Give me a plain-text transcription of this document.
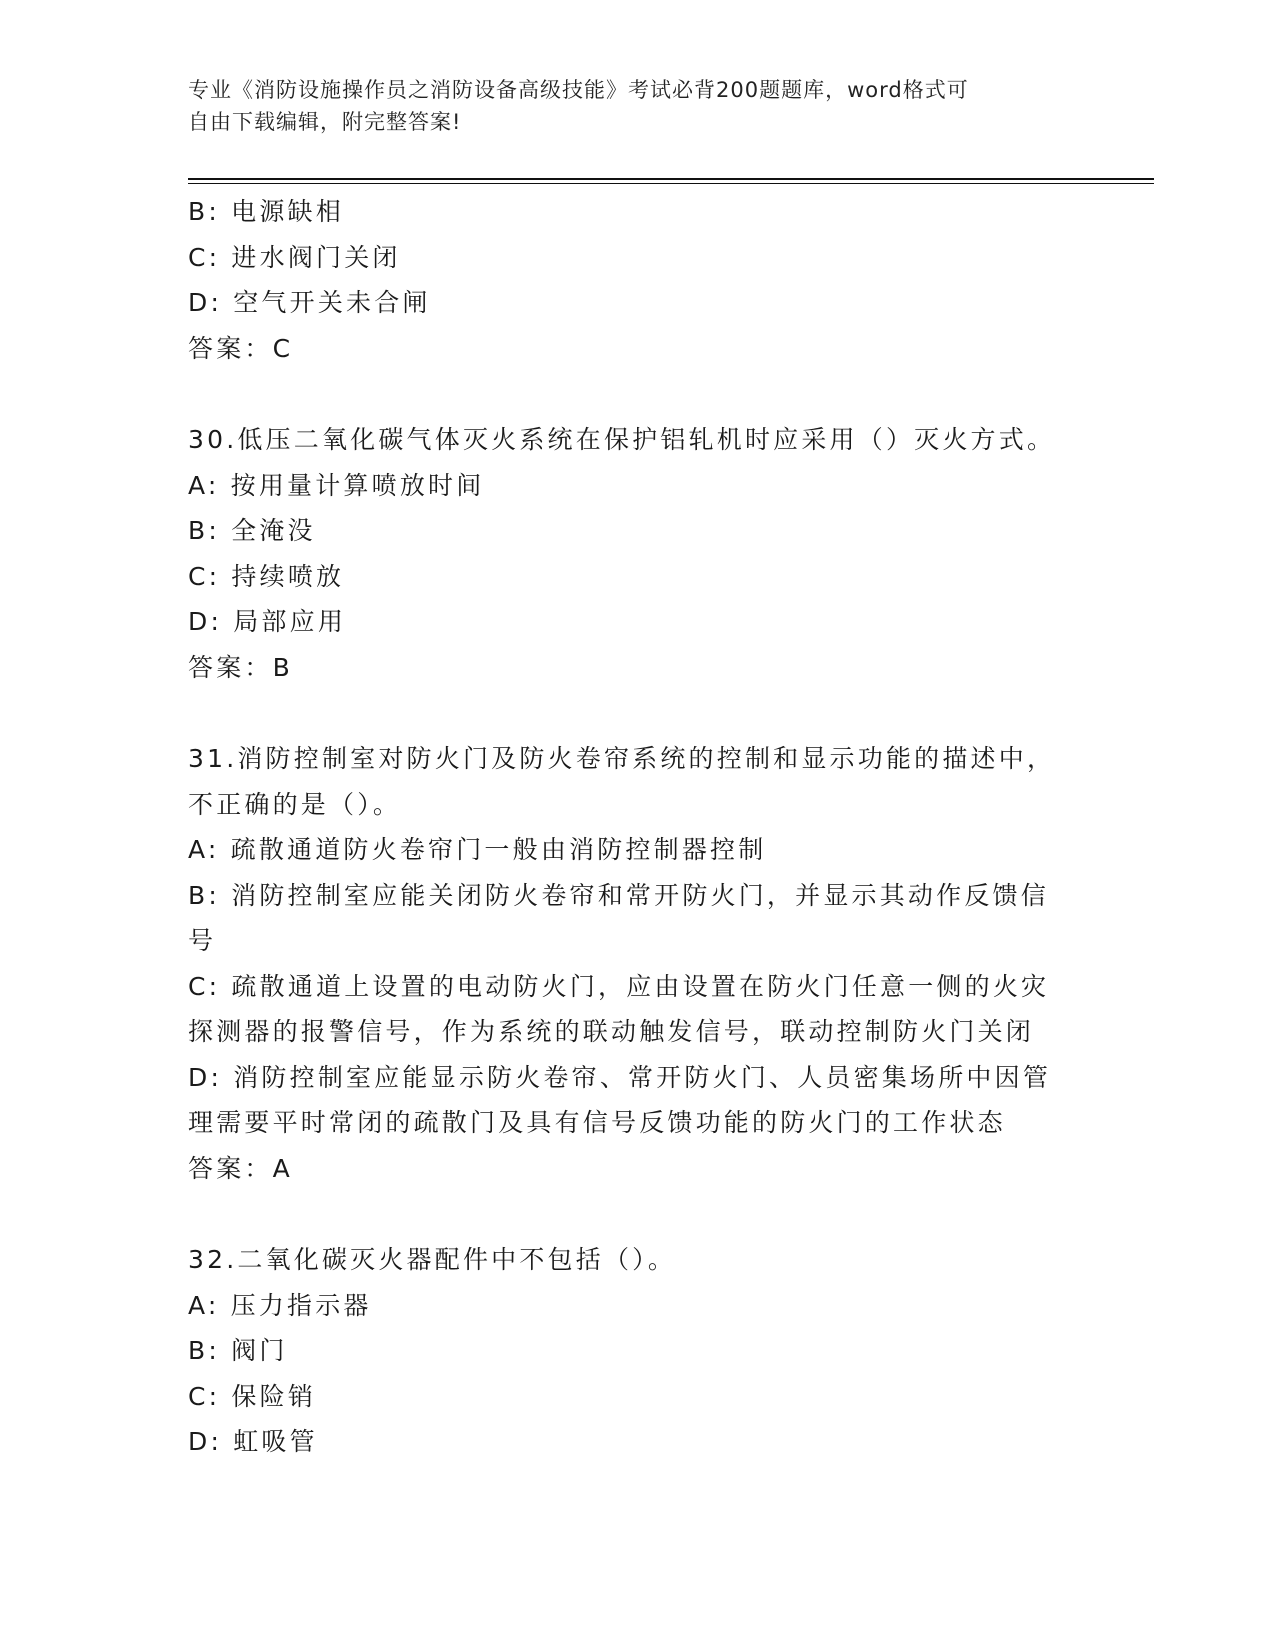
专业《消防设施操作员之消防设备高级技能》考试必背200题题库，word格式可
自由下载编辑，附完整答案!
B: 电源缺相
C: 进水阀门关闭
D: 空气开关未合闸
答案：C
30.低压二氧化碳气体灭火系统在保护铝轧机时应采用（）灭火方式。
A: 按用量计算喷放时间
B: 全淹没
C: 持续喷放
D: 局部应用
答案：B
31.消防控制室对防火门及防火卷帘系统的控制和显示功能的描述中，
不正确的是（）。
A: 疏散通道防火卷帘门一般由消防控制器控制
B: 消防控制室应能关闭防火卷帘和常开防火门，并显示其动作反馈信
号
C: 疏散通道上设置的电动防火门，应由设置在防火门任意一侧的火灾
探测器的报警信号，作为系统的联动触发信号，联动控制防火门关闭
D: 消防控制室应能显示防火卷帘、常开防火门、人员密集场所中因管
理需要平时常闭的疏散门及具有信号反馈功能的防火门的工作状态
答案：A
32.二氧化碳灭火器配件中不包括（）。
A: 压力指示器
B: 阀门
C: 保险销
D: 虹吸管
